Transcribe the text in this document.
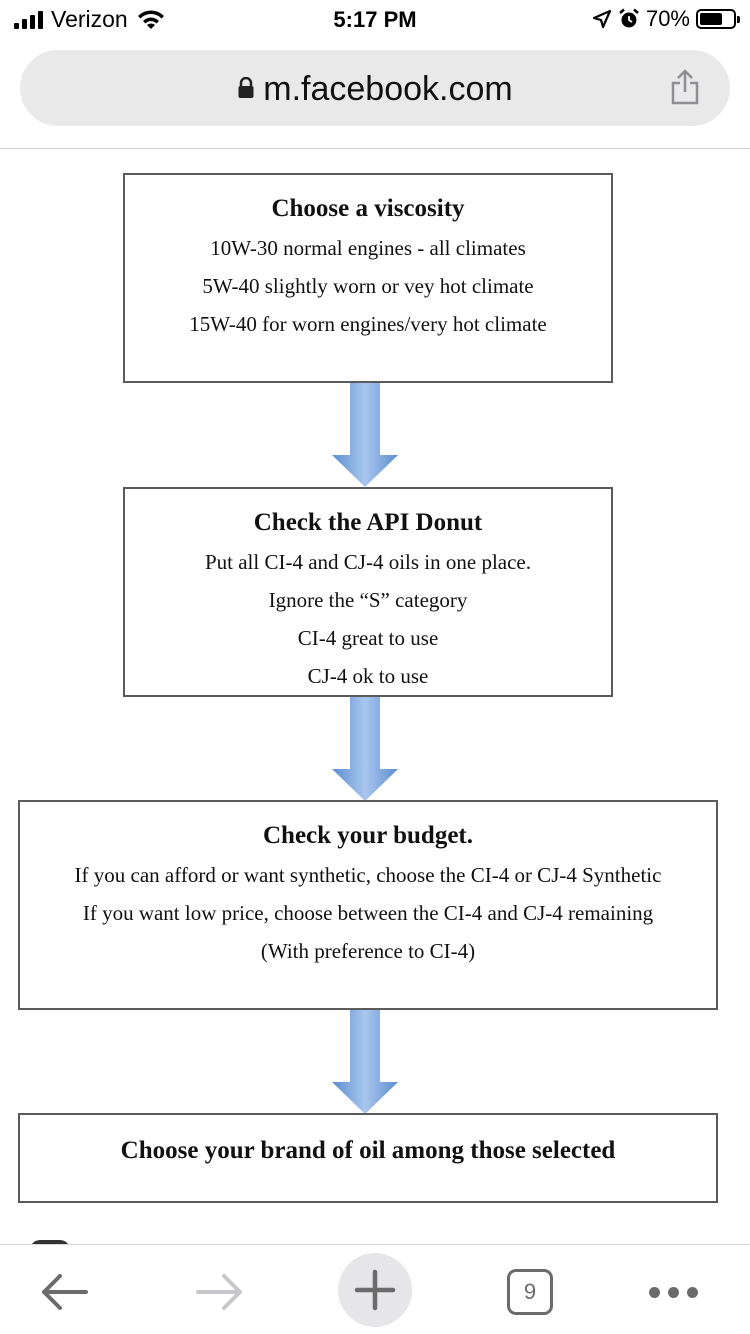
Verizon	5:17 PM	70%
m.facebook.com
Choose a viscosity
10W-30 normal engines - all climates
5W-40 slightly worn or vey hot climate
15W-40 for worn engines/very hot climate
Check the API Donut
Put all CI-4 and CJ-4 oils in one place.
Ignore the “S” category
CI-4 great to use
CJ-4 ok to use
Check your budget.
If you can afford or want synthetic, choose the CI-4 or CJ-4 Synthetic
If you want low price, choose between the CI-4 and CJ-4 remaining
(With preference to CI-4)
Choose your brand of oil among those selected
9
